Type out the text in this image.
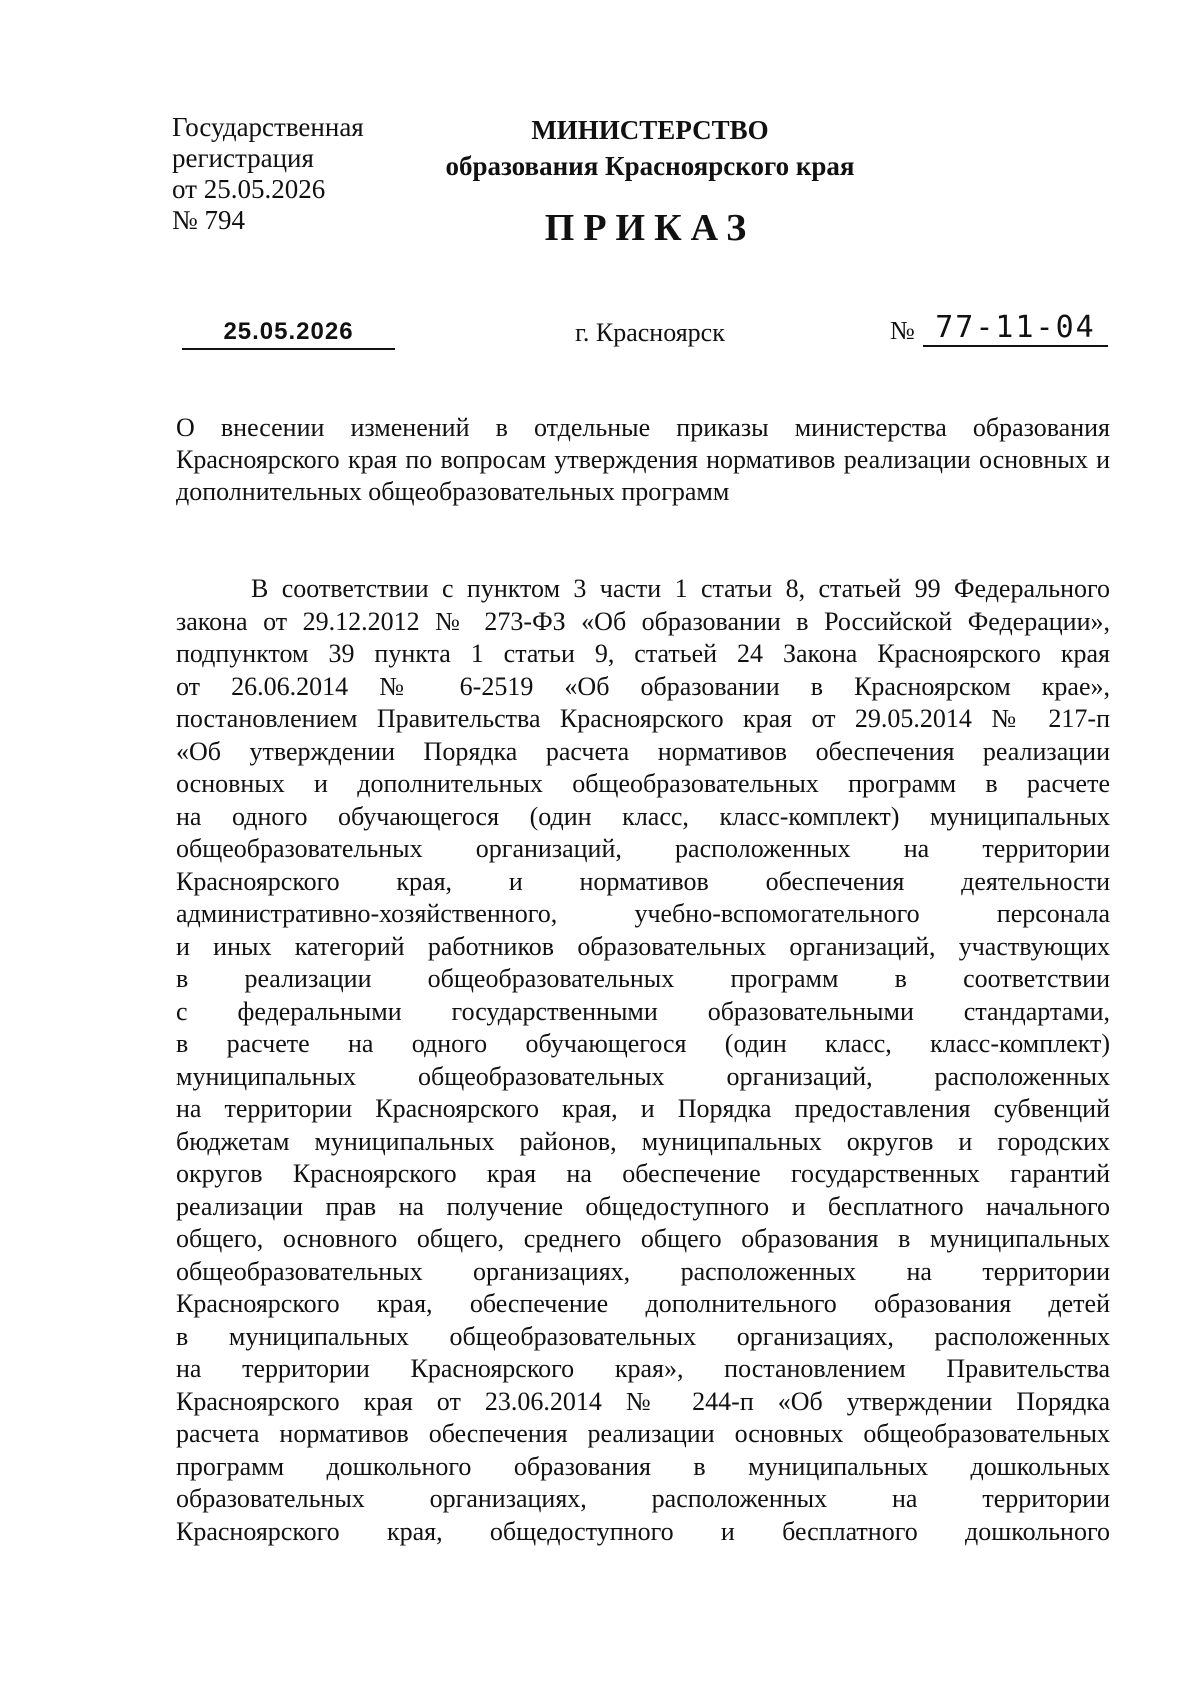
Государственная
регистрация
от 25.05.2026
№ 794
МИНИСТЕРСТВО
образования Красноярского края
ПРИКАЗ
25.05.2026	г. Красноярск	№ 77-11-04
О внесении изменений в отдельные приказы министерства образования Красноярского края по вопросам утверждения нормативов реализации основных и дополнительных общеобразовательных программ
В соответствии с пунктом 3 части 1 статьи 8, статьей 99 Федерального
закона от 29.12.2012 № 273-ФЗ «Об образовании в Российской Федерации»,
подпунктом 39 пункта 1 статьи 9, статьей 24 Закона Красноярского края
от 26.06.2014 № 6-2519 «Об образовании в Красноярском крае»,
постановлением Правительства Красноярского края от 29.05.2014 № 217-п
«Об утверждении Порядка расчета нормативов обеспечения реализации
основных и дополнительных общеобразовательных программ в расчете
на одного обучающегося (один класс, класс-комплект) муниципальных
общеобразовательных организаций, расположенных на территории
Красноярского края, и нормативов обеспечения деятельности
административно-хозяйственного, учебно-вспомогательного персонала
и иных категорий работников образовательных организаций, участвующих
в реализации общеобразовательных программ в соответствии
с федеральными государственными образовательными стандартами,
в расчете на одного обучающегося (один класс, класс-комплект)
муниципальных общеобразовательных организаций, расположенных
на территории Красноярского края, и Порядка предоставления субвенций
бюджетам муниципальных районов, муниципальных округов и городских
округов Красноярского края на обеспечение государственных гарантий
реализации прав на получение общедоступного и бесплатного начального
общего, основного общего, среднего общего образования в муниципальных
общеобразовательных организациях, расположенных на территории
Красноярского края, обеспечение дополнительного образования детей
в муниципальных общеобразовательных организациях, расположенных
на территории Красноярского края», постановлением Правительства
Красноярского края от 23.06.2014 № 244-п «Об утверждении Порядка
расчета нормативов обеспечения реализации основных общеобразовательных
программ дошкольного образования в муниципальных дошкольных
образовательных организациях, расположенных на территории
Красноярского края, общедоступного и бесплатного дошкольного
